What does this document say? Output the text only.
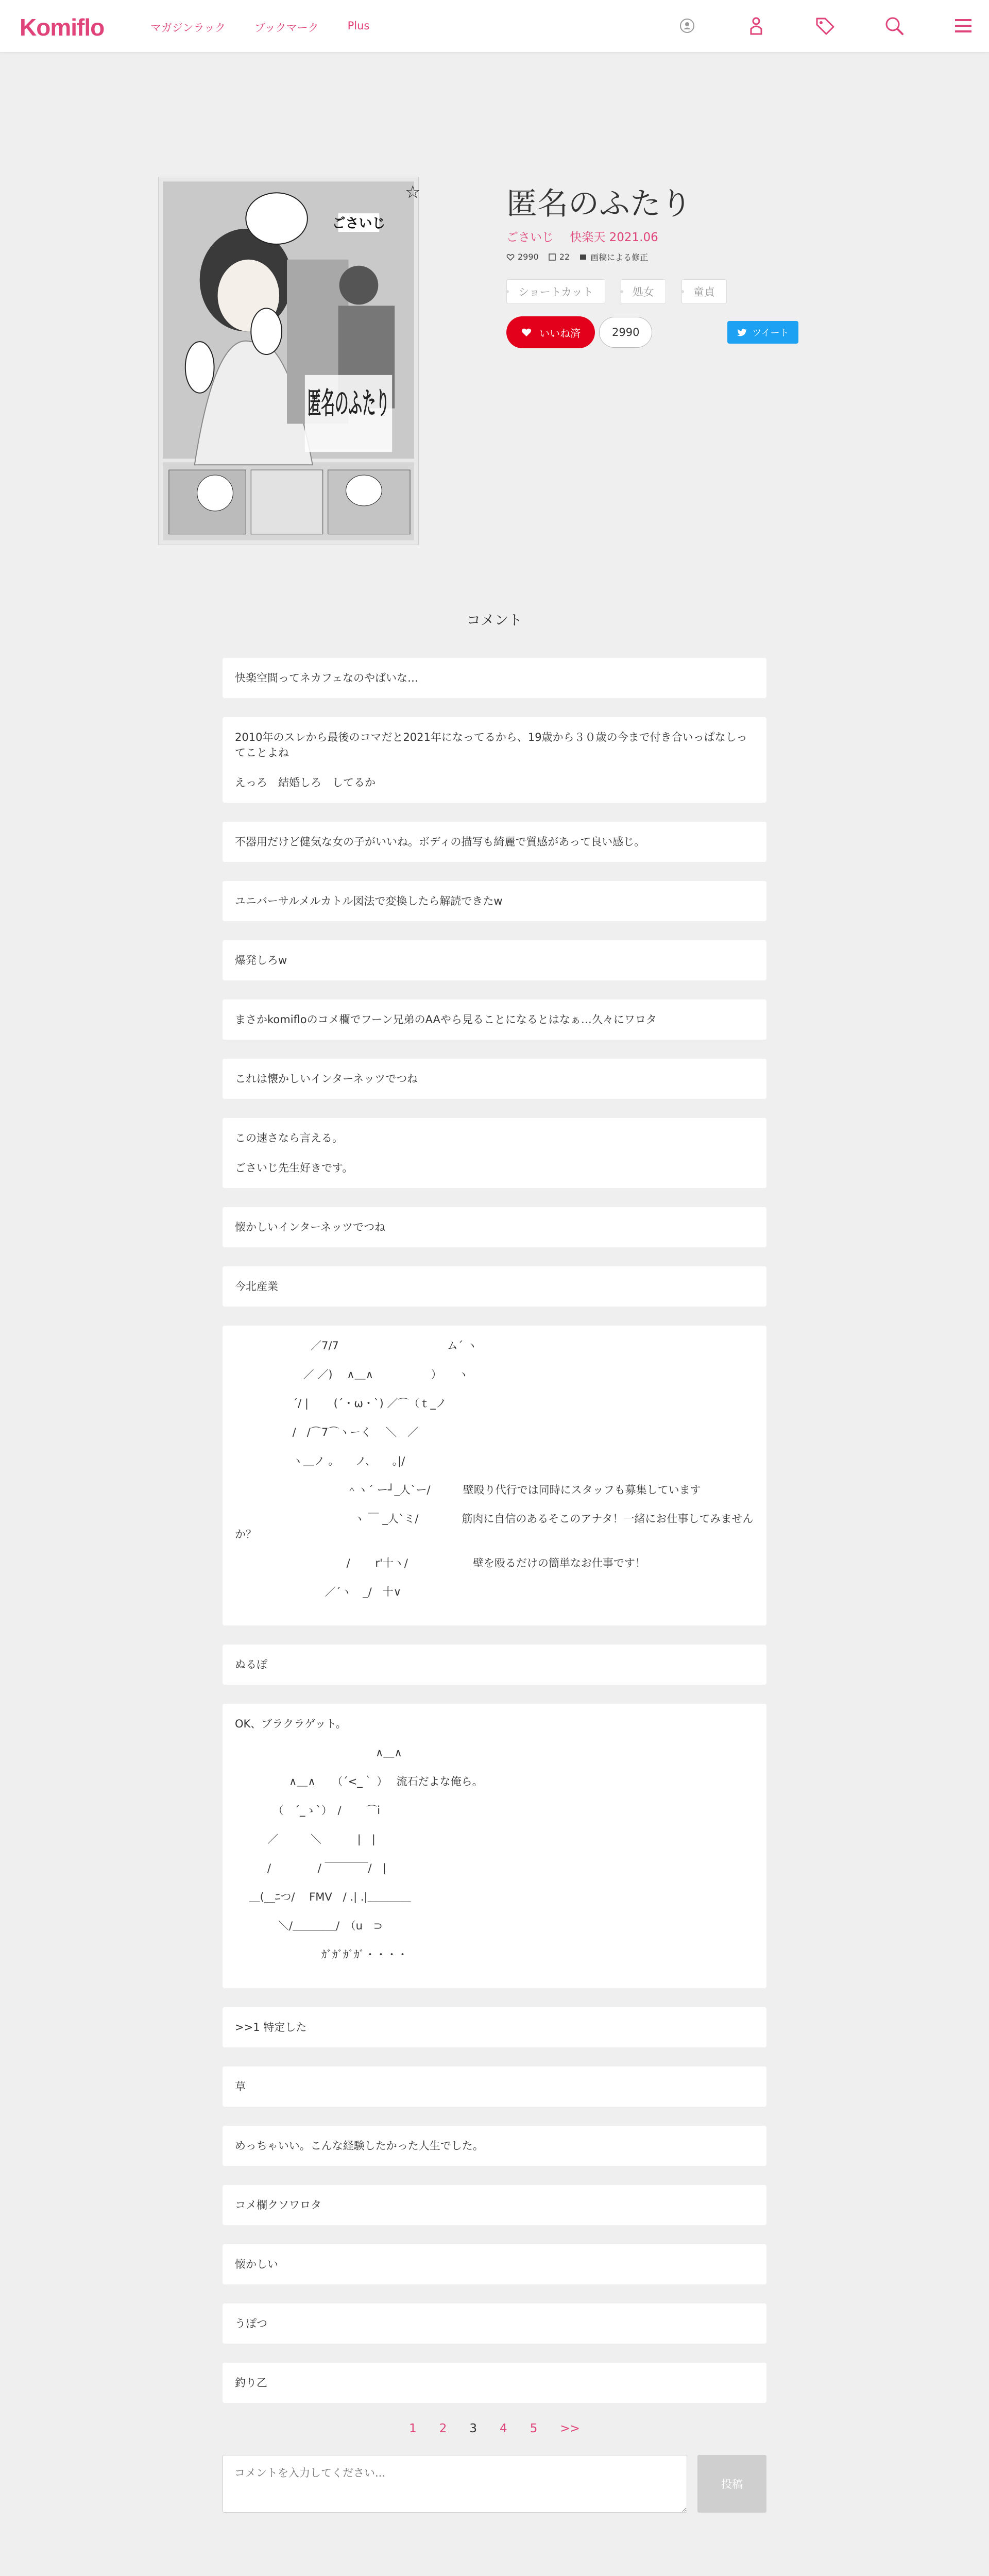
Komiflo	マガジンラック	ブックマーク	Plus
匿名のふたり
ごさいじ
☆	匿名のふたり
ごさいじ 快楽天 2021.06
2990	22	画稿による修正
ショートカット	処女	童貞
いいね済	2990	ツイート
コメント
快楽空間ってネカフェなのやばいな…
2010年のスレから最後のコマだと2021年になってるから、19歳から３０歳の今まで付き合いっぱなしってことよね
えっろ　結婚しろ　してるか
不器用だけど健気な女の子がいいね。ボディの描写も綺麗で質感があって良い感じ。
ユニバーサルメルカトル図法で変換したら解読できたw
爆発しろw
まさかkomifloのコメ欄でフーン兄弟のAAやら見ることになるとはなぁ…久々にワロタ
これは懐かしいインターネッツでつね
この速さなら言える。
ごさいじ先生好きです。
懐かしいインターネッツでつね
今北産業
　　　　　　　／7/7　　　　　　　　　　ム´ ヽ
　　　　　　 ／ ／)　 ∧＿∧　　　　　 ）　　ヽ
　　　　　 ´/ |　　 (´・ω・`) ／⌒（ｔ_ノ
　　　　　 /　/⌒7⌒ヽーく　 ＼　／
　　　　　 ヽ＿ノ 。　　ノ、　　｡|/
　　　　　　　　　　 ＾ヽ´ ー┘_人`ー/　　　壁殴り代行では同時にスタッフも募集しています
　　　　　　　　　　　ヽ ￣ _人`ミ/　　　　筋肉に自信のあるそこのアナタ！一緒にお仕事してみませんか？
　　　　　　　　　　 /　　 r'十ヽ/　　　　　　壁を殴るだけの簡単なお仕事です！
　　　　　　　　 ／´ヽ　_/　十∨
ぬるぽ
OK、ブラクラゲット。
　　　　　　　　　　　　　∧＿∧
　　　　　∧＿∧　　（´<_｀ ）　 流石だよな俺ら。
　　　　（　´_ゝ`）　/　　 ⌒i
　　　／　　　＼　　　 |　|
　　　/　　　　 / ￣￣￣￣/　|
　 ＿(__ﾆつ/　 FMV　/ .| .|＿＿＿＿
　　　　＼/＿＿＿＿/　（u　⊃
　　　　　　　　ｶﾞｶﾞｶﾞｶﾞ・・・・
>>1 特定した
草
めっちゃいい。こんな経験したかった人生でした。
コメ欄クソワロタ
懐かしい
うぽつ
釣り乙
1 2 3 4 5 >>
コメントを入力してください...
投稿
